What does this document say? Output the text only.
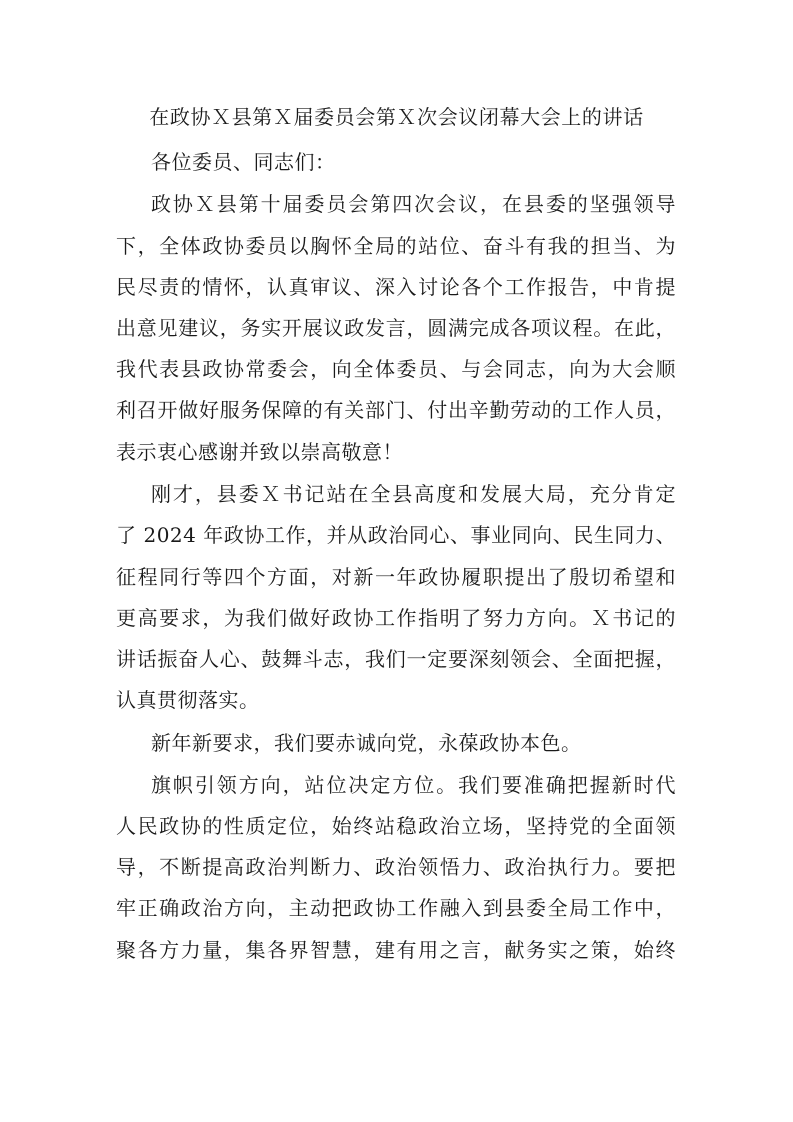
在政协Ｘ县第Ｘ届委员会第Ｘ次会议闭幕大会上的讲话
各位委员、同志们：
政协Ｘ县第十届委员会第四次会议，在县委的坚强领导
下，全体政协委员以胸怀全局的站位、奋斗有我的担当、为
民尽责的情怀，认真审议、深入讨论各个工作报告，中肯提
出意见建议，务实开展议政发言，圆满完成各项议程。在此，
我代表县政协常委会，向全体委员、与会同志，向为大会顺
利召开做好服务保障的有关部门、付出辛勤劳动的工作人员，
表示衷心感谢并致以崇高敬意！
刚才，县委Ｘ书记站在全县高度和发展大局，充分肯定
了 2024 年政协工作，并从政治同心、事业同向、民生同力、
征程同行等四个方面，对新一年政协履职提出了殷切希望和
更高要求，为我们做好政协工作指明了努力方向。Ｘ书记的
讲话振奋人心、鼓舞斗志，我们一定要深刻领会、全面把握，
认真贯彻落实。
新年新要求，我们要赤诚向党，永葆政协本色。
旗帜引领方向，站位决定方位。我们要准确把握新时代
人民政协的性质定位，始终站稳政治立场，坚持党的全面领
导，不断提高政治判断力、政治领悟力、政治执行力。要把
牢正确政治方向，主动把政协工作融入到县委全局工作中，
聚各方力量，集各界智慧，建有用之言，献务实之策，始终
